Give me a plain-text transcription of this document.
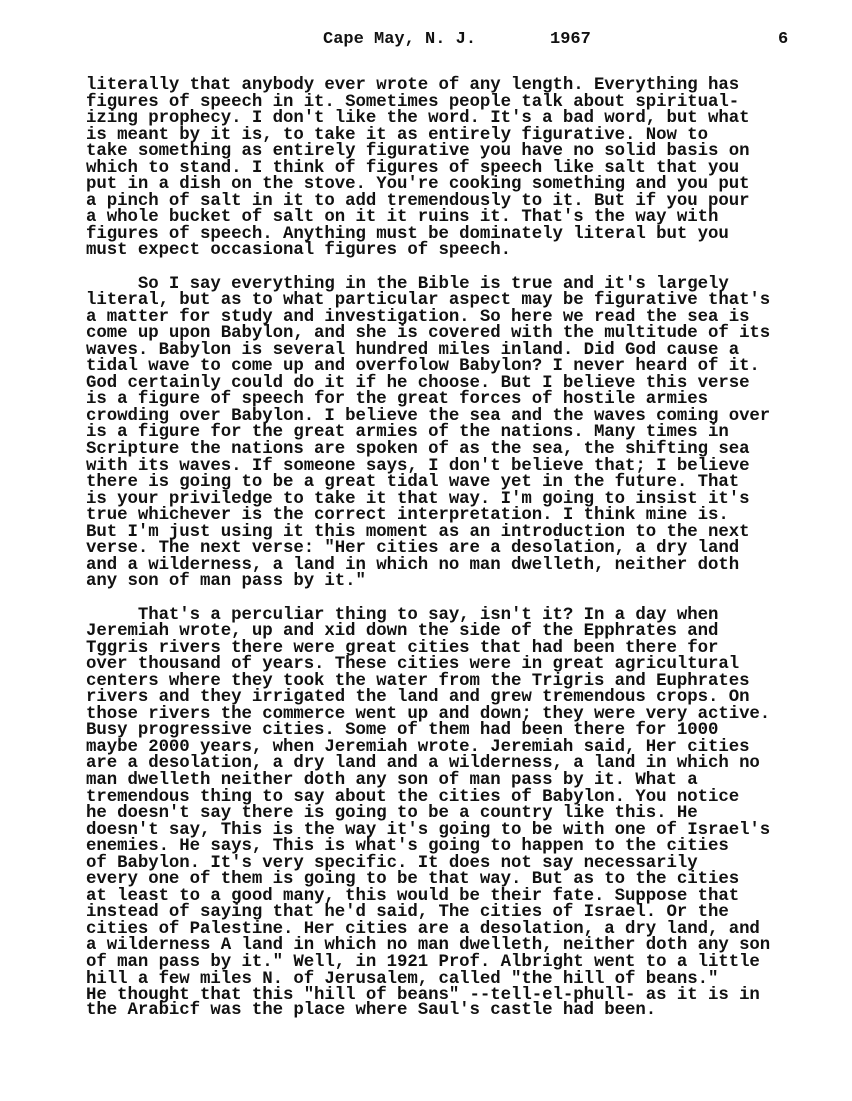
Cape May, N. J.	1967	6
literally that anybody ever wrote of any length. Everything has
figures of speech in it. Sometimes people talk about spiritual-
izing prophecy. I don't like the word. It's a bad word, but what
is meant by it is, to take it as entirely figurative. Now to
take something as entirely figurative you have no solid basis on
which to stand. I think of figures of speech like salt that you
put in a dish on the stove. You're cooking something and you put
a pinch of salt in it to add tremendously to it. But if you pour
a whole bucket of salt on it it ruins it. That's the way with
figures of speech. Anything must be dominately literal but you
must expect occasional figures of speech.
So I say everything in the Bible is true and it's largely
literal, but as to what particular aspect may be figurative that's
a matter for study and investigation. So here we read the sea is
come up upon Babylon, and she is covered with the multitude of its
waves. Babylon is several hundred miles inland. Did God cause a
tidal wave to come up and overfolow Babylon? I never heard of it.
God certainly could do it if he choose. But I believe this verse
is a figure of speech for the great forces of hostile armies
crowding over Babylon. I believe the sea and the waves coming over
is a figure for the great armies of the nations. Many times in
Scripture the nations are spoken of as the sea, the shifting sea
with its waves. If someone says, I don't believe that; I believe
there is going to be a great tidal wave yet in the future. That
is your priviledge to take it that way. I'm going to insist it's
true whichever is the correct interpretation. I think mine is.
But I'm just using it this moment as an introduction to the next
verse. The next verse: "Her cities are a desolation, a dry land
and a wilderness, a land in which no man dwelleth, neither doth
any son of man pass by it."
That's a perculiar thing to say, isn't it? In a day when
Jeremiah wrote, up and xid down the side of the Epphrates and
Tggris rivers there were great cities that had been there for
over thousand of years. These cities were in great agricultural
centers where they took the water from the Trigris and Euphrates
rivers and they irrigated the land and grew tremendous crops. On
those rivers the commerce went up and down; they were very active.
Busy progressive cities. Some of them had been there for 1000
maybe 2000 years, when Jeremiah wrote. Jeremiah said, Her cities
are a desolation, a dry land and a wilderness, a land in which no
man dwelleth neither doth any son of man pass by it. What a
tremendous thing to say about the cities of Babylon. You notice
he doesn't say there is going to be a country like this. He
doesn't say, This is the way it's going to be with one of Israel's
enemies. He says, This is what's going to happen to the cities
of Babylon. It's very specific. It does not say necessarily
every one of them is going to be that way. But as to the cities
at least to a good many, this would be their fate. Suppose that
instead of saying that he'd said, The cities of Israel. Or the
cities of Palestine. Her cities are a desolation, a dry land, and
a wilderness A land in which no man dwelleth, neither doth any son
of man pass by it." Well, in 1921 Prof. Albright went to a little
hill a few miles N. of Jerusalem, called "the hill of beans."
He thought that this "hill of beans" --tell-el-phull- as it is in
the Arabicf was the place where Saul's castle had been.
